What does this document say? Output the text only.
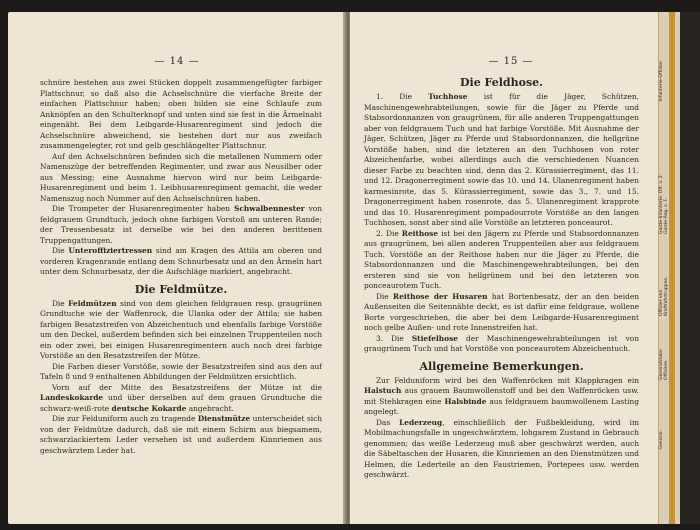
— 14 —

schnüre bestehen aus zwei Stücken doppelt zusammengefügter farbiger Plattschnur, so daß also die Achselschnüre die vierfache Breite der einfachen Plattschnur haben; oben bilden sie eine Schlaufe zum Anknöpfen an den Schulterknopf und unten sind sie fest in die Ärmelnaht eingenäht. Bei dem Leibgarde-Husarenregiment sind jedoch die Achselschnüre abweichend, sie bestehen dort nur aus zweifach zusammengelegter, rot und gelb geschlängelter Plattschnur.

Auf den Achselschnüren befinden sich die metallenen Nummern oder Namenszüge der betreffenden Regimenter, und zwar aus Neusilber oder aus Messing; eine Ausnahme hiervon wird nur beim Leibgarde-Husarenregiment und beim 1. Leibhusarenregiment gemacht, die weder Namenszug noch Nummer auf den Achselschnüren haben.

Die Trompeter der Husarenregimenter haben Schwalbennester von feldgrauem Grundtuch, jedoch ohne farbigen Vorstoß am unteren Rande; der Tressenbesatz ist derselbe wie bei den anderen berittenen Truppengattungen.

Die Unteroffiziertressen sind am Kragen des Attila am oberen und vorderen Kragenrande entlang dem Schnurbesatz und an den Ärmeln hart unter dem Schnurbesatz, der die Aufschläge markiert, angebracht.

Die Feldmütze.

Die Feldmützen sind von dem gleichen feldgrauen resp. graugrünen Grundtuche wie der Waffenrock, die Ulanka oder der Attila; sie haben farbigen Besatzstreifen von Abzeichentuch und ebenfalls farbige Vorstöße um den Deckel, außerdem befinden sich bei einzelnen Truppenteilen noch ein oder zwei, bei einigen Husarenregimentern auch noch drei farbige Vorstöße an den Besatzstreifen der Mütze.

Die Farben dieser Vorstöße, sowie der Besatzstreifen sind aus den auf Tafeln 8 und 9 enthaltenen Abbildungen der Feldmützen ersichtlich.

Vorn auf der Mitte des Besatzstreifens der Mütze ist die Landeskokarde und über derselben auf dem grauen Grundtuche die schwarz-weiß-rote deutsche Kokarde angebracht.

Die zur Felduniform auch zu tragende Dienstmütze unterscheidet sich von der Feldmütze dadurch, daß sie mit einem Schirm aus biegsamem, schwarzlackiertem Leder versehen ist und außerdem Kinnriemen aus geschwärztem Leder hat.

— 15 —
Die Feldhose.

1. Die Tuchhose ist für die Jäger, Schützen, Maschinengewehrabteilungen, sowie für die Jäger zu Pferde und Stabsordonnanzen von graugrünem, für alle anderen Truppengattungen aber von feldgrauem Tuch und hat farbige Vorstöße. Mit Ausnahme der Jäger, Schützen, Jäger zu Pferde und Stabsordonnanzen, die hellgrüne Vorstöße haben, sind die letzteren an den Tuchhosen von roter Abzeichenfarbe, wobei allerdings auch die verschiedenen Nuancen dieser Farbe zu beachten sind, denn das 2. Kürassierregiment, das 11. und 12. Dragonerregiment sowie das 10. und 14. Ulanenregiment haben karmesinrote, das 5. Kürassierregiment, sowie das 3., 7. und 15. Dragonerregiment haben rosenrote, das 5. Ulanenregiment krapprote und das 10. Husarenregiment pompadourrote Vorstöße an den langen Tuchhosen, sonst aber sind alle Vorstöße an letzteren ponceaurot.

2. Die Reithose ist bei den Jägern zu Pferde und Stabsordonnanzen aus graugrünem, bei allen anderen Truppenteilen aber aus feldgrauem Tuch. Vorstöße an der Reithose haben nur die Jäger zu Pferde, die Stabsordonnanzen und die Maschinengewehrabteilungen, bei den ersteren sind sie von hellgrünem und bei den letzteren von ponceaurotem Tuch.

Die Reithose der Husaren hat Bortenbesatz, der an den beiden Außenseiten die Seitennähte deckt, es ist dafür eine feldgraue, wollene Borte vorgeschrieben, die aber bei dem Leibgarde-Husarenregiment noch gelbe Außen- und rote Innenstreifen hat.

3. Die Stiefelhose der Maschinengewehrabteilungen ist von graugrünem Tuch und hat Vorstöße von ponceaurotem Abzeichentuch.

Allgemeine Bemerkungen.

Zur Felduniform wird bei den Waffenröcken mit Klappkragen ein Halstuch aus grauem Baumwollenstoff und bei den Waffenröcken usw. mit Stehkragen eine Halsbinde aus feldgrauem baumwollenem Lasting angelegt.

Das Lederzeug, einschließlich der Fußbekleidung, wird im Mobilmachungsfalle in ungeschwärztem, lohgarem Zustand in Gebrauch genommen; das weiße Lederzeug muß aber geschwärzt werden, auch die Säbeltaschen der Husaren, die Kinnriemen an den Dienstmützen und Helmen, die Lederteile an den Faustriemen, Portepees usw. werden geschwärzt.

Infanterie-Offizier.
Garde-Infanterie. Off. v. 2. Garde-Reg. z. F.
Offizier von Kraftfahrtruppen.
Generalstabs-Offiziere.
General.
